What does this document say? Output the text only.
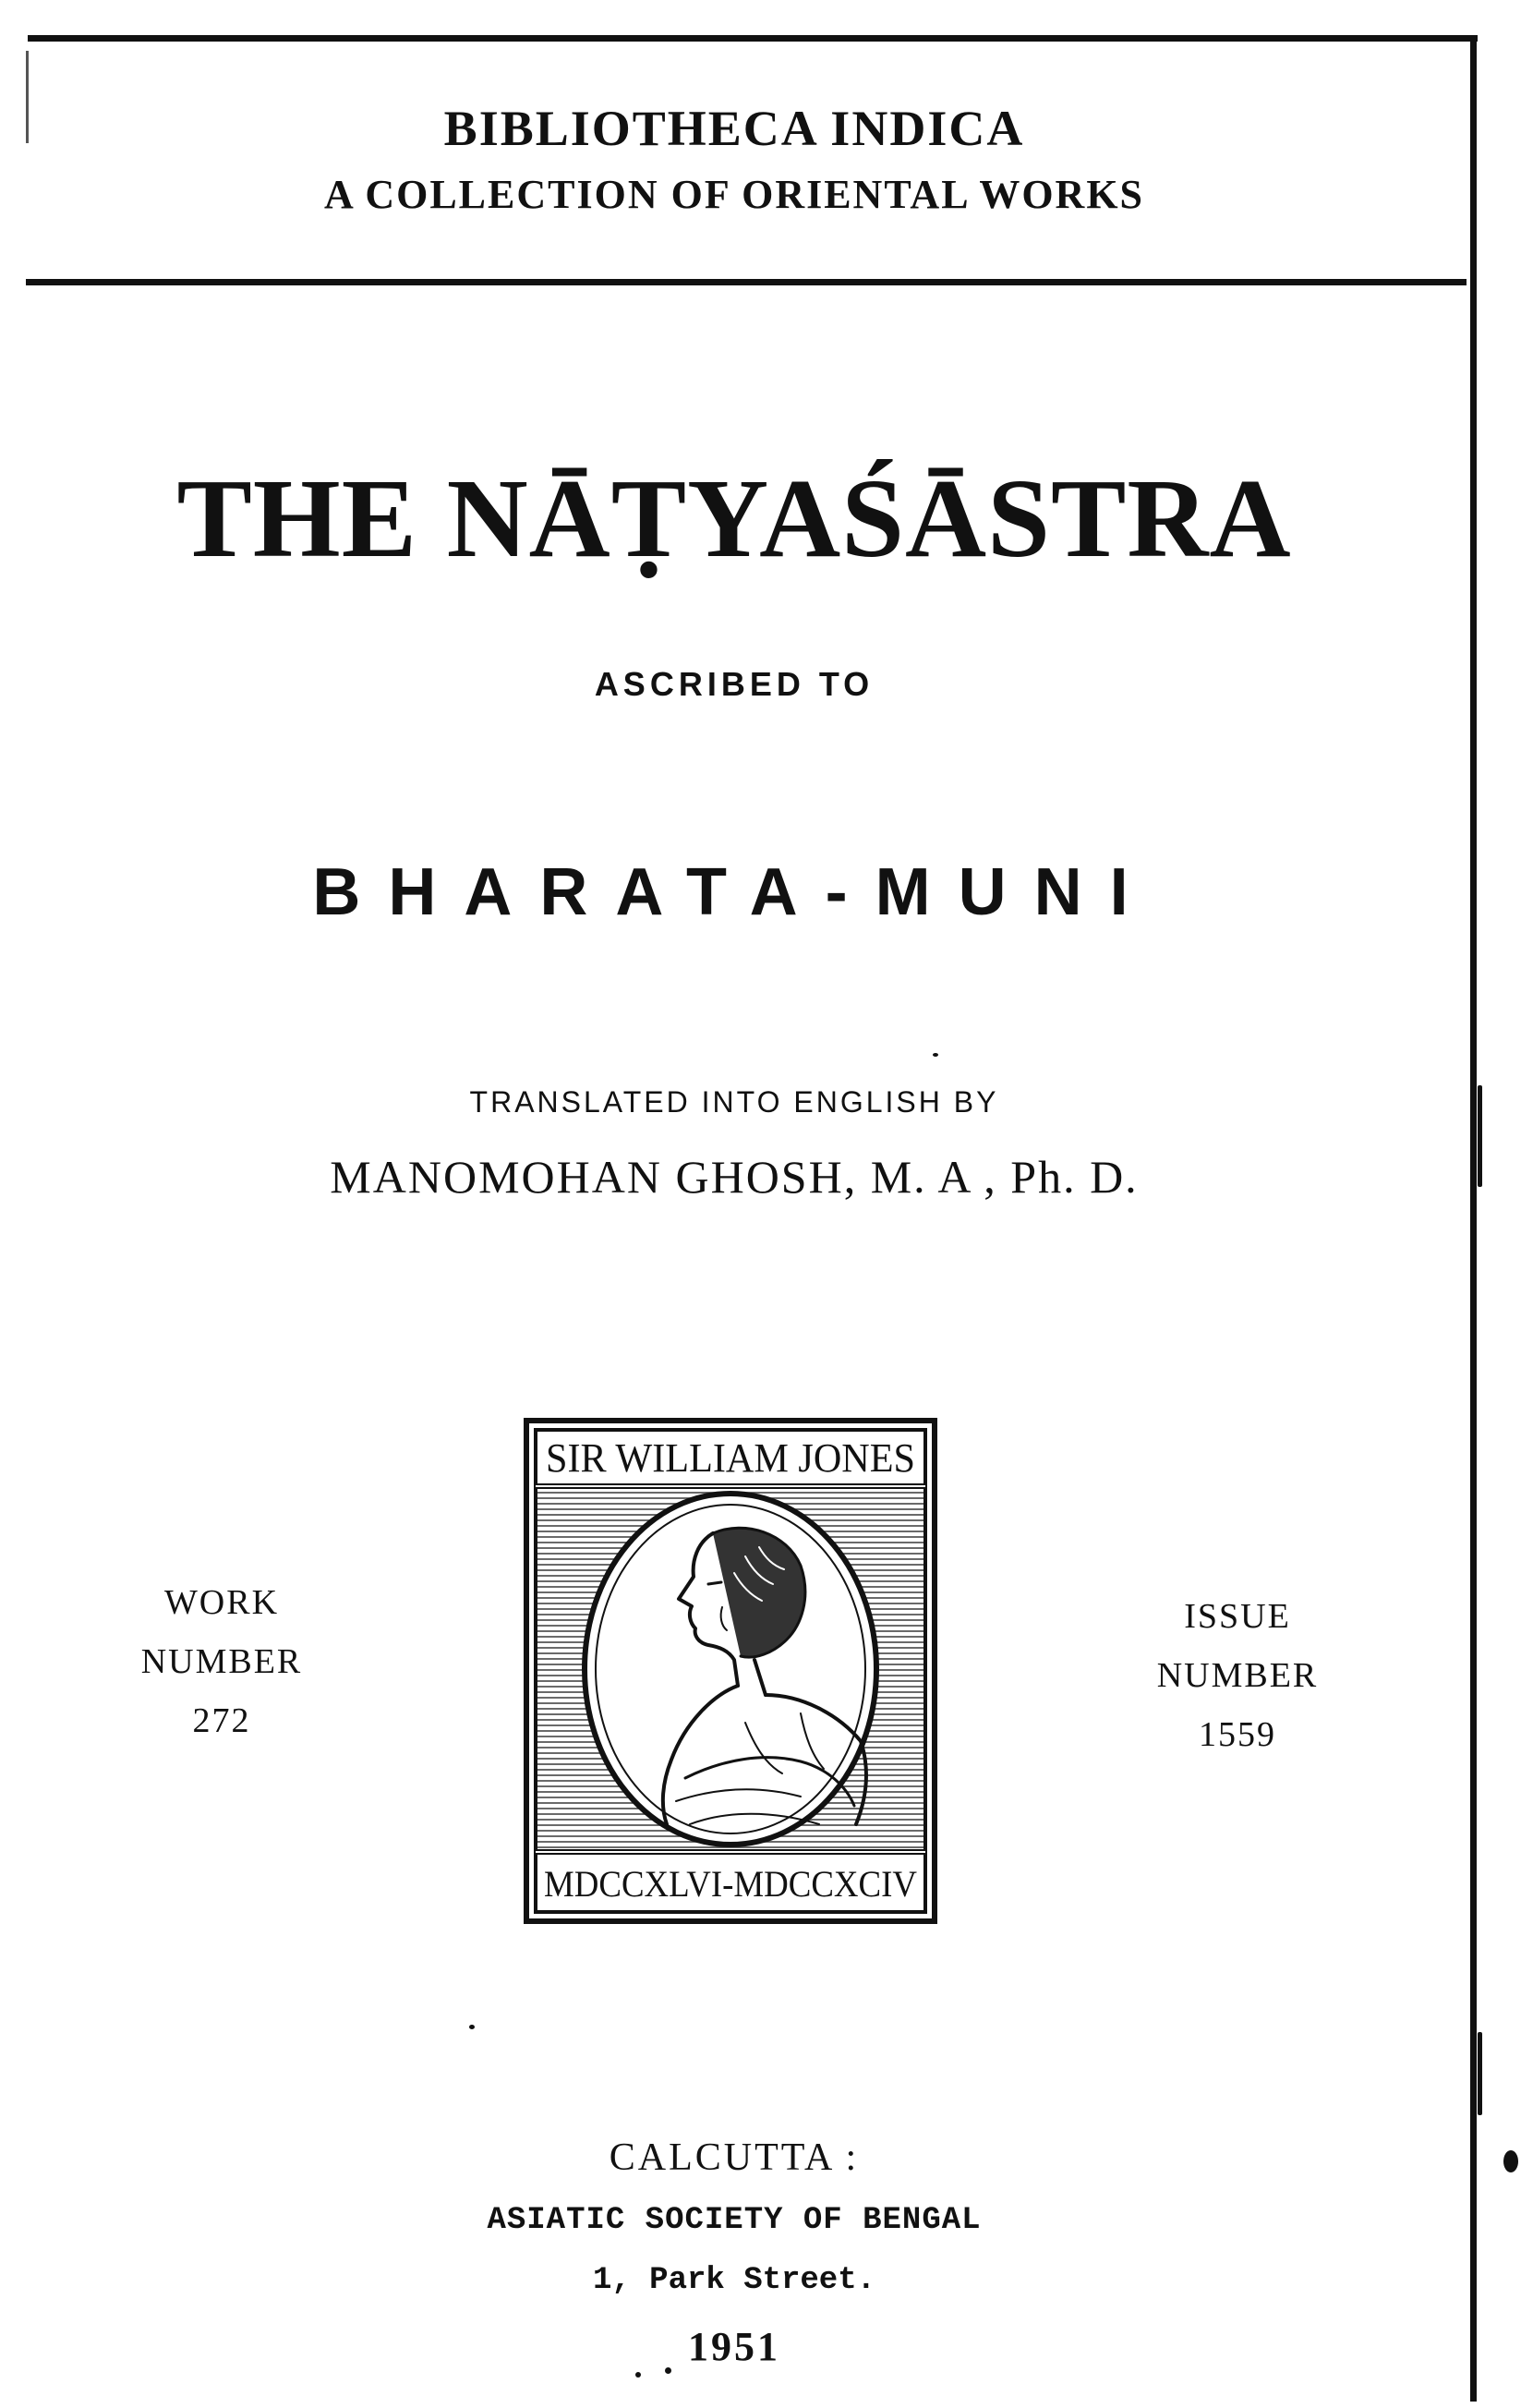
BIBLIOTHECA INDICA
A COLLECTION OF ORIENTAL WORKS
THE NĀṬYAŚĀSTRA
ASCRIBED TO
BHARATA-MUNI
TRANSLATED INTO ENGLISH BY
MANOMOHAN GHOSH, M. A , Ph. D.
WORK
NUMBER
272
ISSUE
NUMBER
1559
SIR WILLIAM JONES
MDCCXLVI-MDCCXCIV
CALCUTTA :
ASIATIC SOCIETY OF BENGAL
1, Park Street.
1951
